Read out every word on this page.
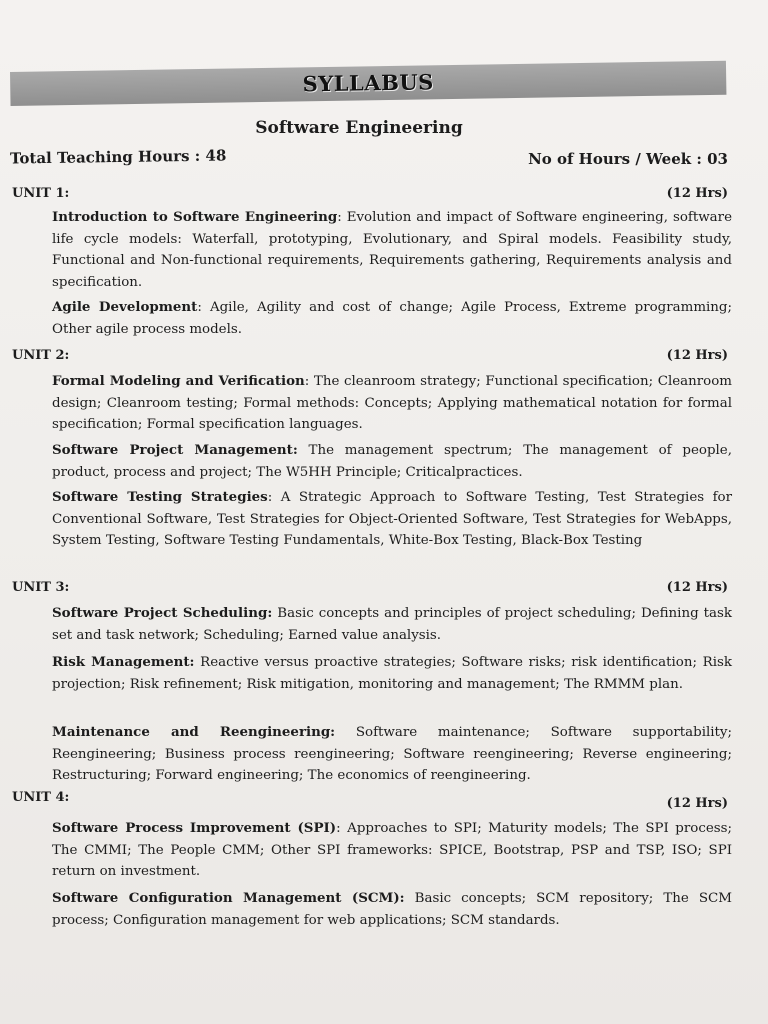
SYLLABUS
Software Engineering
Total Teaching Hours : 48	No of Hours / Week : 03
UNIT 1:	(12 Hrs)
Introduction to Software Engineering: Evolution and impact of Software engineering, software life cycle models: Waterfall, prototyping, Evolutionary, and Spiral models. Feasibility study, Functional and Non-functional requirements, Requirements gathering, Requirements analysis and specification.
Agile Development: Agile, Agility and cost of change; Agile Process, Extreme programming; Other agile process models.
UNIT 2:	(12 Hrs)
Formal Modeling and Verification: The cleanroom strategy; Functional specification; Cleanroom design; Cleanroom testing; Formal methods: Concepts; Applying mathematical notation for formal specification; Formal specification languages.
Software Project Management: The management spectrum; The management of people, product, process and project; The W5HH Principle; Criticalpractices.
Software Testing Strategies: A Strategic Approach to Software Testing, Test Strategies for Conventional Software, Test Strategies for Object-Oriented Software, Test Strategies for WebApps, System Testing, Software Testing Fundamentals, White-Box Testing, Black-Box Testing
UNIT 3:	(12 Hrs)
Software Project Scheduling: Basic concepts and principles of project scheduling; Defining task set and task network; Scheduling; Earned value analysis.
Risk Management: Reactive versus proactive strategies; Software risks; risk identification; Risk projection; Risk refinement; Risk mitigation, monitoring and management; The RMMM plan.
Maintenance and Reengineering: Software maintenance; Software supportability; Reengineering; Business process reengineering; Software reengineering; Reverse engineering; Restructuring; Forward engineering; The economics of reengineering.
UNIT 4:	(12 Hrs)
Software Process Improvement (SPI): Approaches to SPI; Maturity models; The SPI process; The CMMI; The People CMM; Other SPI frameworks: SPICE, Bootstrap, PSP and TSP, ISO; SPI return on investment.
Software Configuration Management (SCM): Basic concepts; SCM repository; The SCM process; Configuration management for web applications; SCM standards.
